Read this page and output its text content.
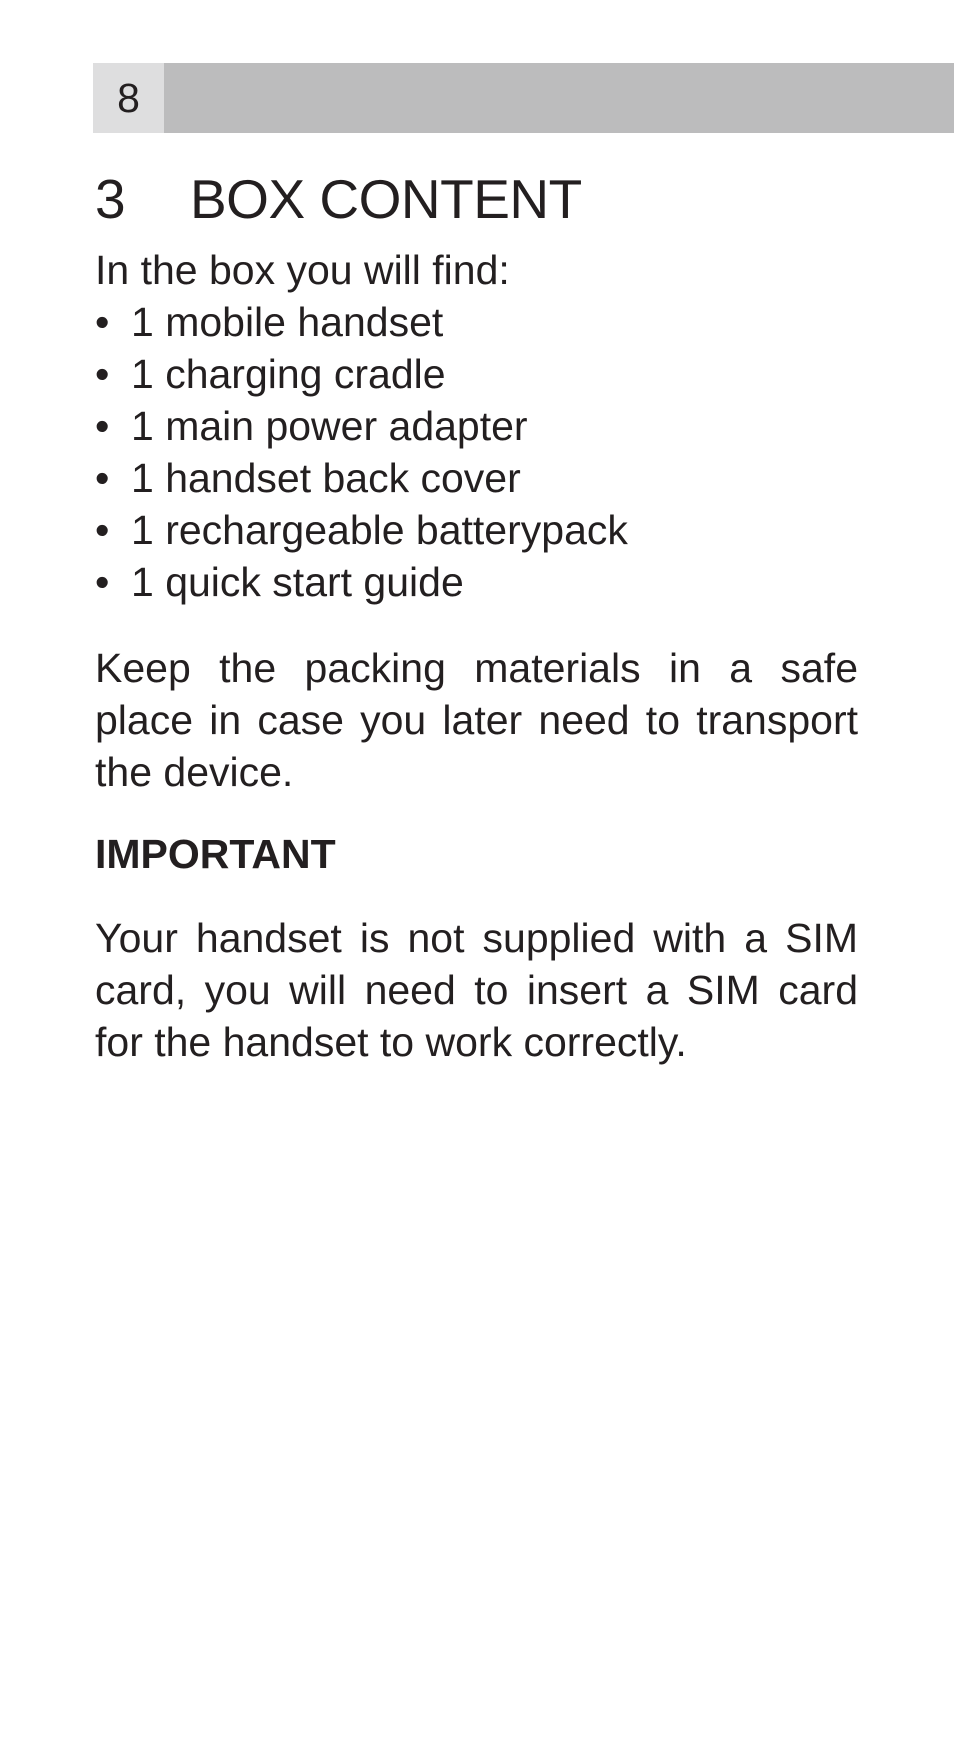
8
3 BOX CONTENT

In the box you will find:

• 1 mobile handset
• 1 charging cradle
• 1 main power adapter
• 1 handset back cover
• 1 rechargeable batterypack
• 1 quick start guide

Keep the packing materials in a safe place in case you later need to transport the device.

IMPORTANT

Your handset is not supplied with a SIM card, you will need to insert a SIM card for the handset to work correctly.
